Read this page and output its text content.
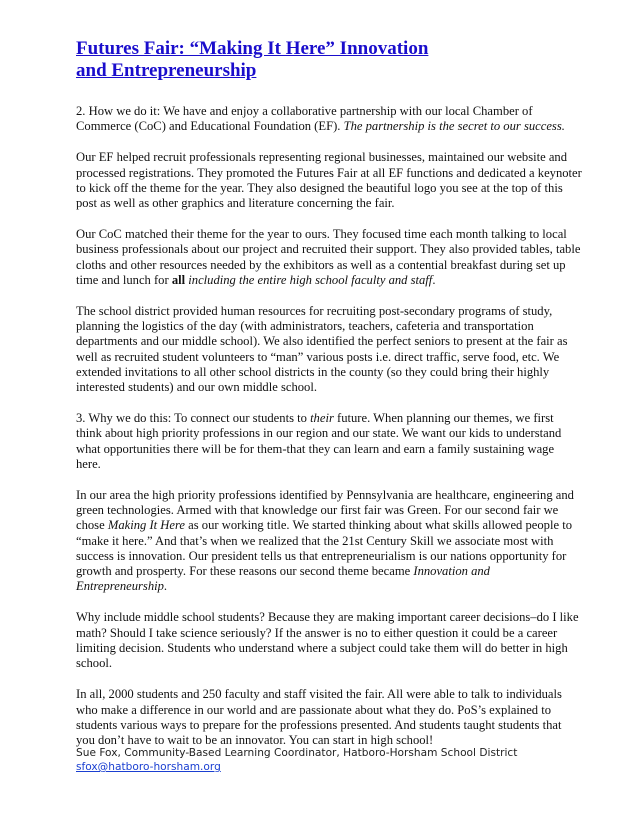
Futures Fair: “Making It Here” Innovation
and Entrepreneurship

2. How we do it: We have and enjoy a collaborative partnership with our local Chamber of Commerce (CoC) and Educational Foundation (EF). The partnership is the secret to our success.

Our EF helped recruit professionals representing regional businesses, maintained our website and processed registrations. They promoted the Futures Fair at all EF functions and dedicated a keynoter to kick off the theme for the year. They also designed the beautiful logo you see at the top of this post as well as other graphics and literature concerning the fair.

Our CoC matched their theme for the year to ours. They focused time each month talking to local business professionals about our project and recruited their support. They also provided tables, table cloths and other resources needed by the exhibitors as well as a contential breakfast during set up time and lunch for all including the entire high school faculty and staff.

The school district provided human resources for recruiting post-secondary programs of study, planning the logistics of the day (with administrators, teachers, cafeteria and transportation departments and our middle school). We also identified the perfect seniors to present at the fair as well as recruited student volunteers to “man” various posts i.e. direct traffic, serve food, etc. We extended invitations to all other school districts in the county (so they could bring their highly interested students) and our own middle school.

3. Why we do this: To connect our students to their future. When planning our themes, we first think about high priority professions in our region and our state. We want our kids to understand what opportunities there will be for them-that they can learn and earn a family sustaining wage here.

In our area the high priority professions identified by Pennsylvania are healthcare, engineering and green technologies. Armed with that knowledge our first fair was Green. For our second fair we chose Making It Here as our working title. We started thinking about what skills allowed people to “make it here.” And that’s when we realized that the 21st Century Skill we associate most with success is innovation. Our president tells us that entrepreneurialism is our nations opportunity for growth and prosperty. For these reasons our second theme became Innovation and Entrepreneurship.

Why include middle school students? Because they are making important career decisions–do I like math? Should I take science seriously? If the answer is no to either question it could be a career limiting decision. Students who understand where a subject could take them will do better in high school.

In all, 2000 students and 250 faculty and staff visited the fair. All were able to talk to individuals who make a difference in our world and are passionate about what they do. PoS’s explained to students various ways to prepare for the professions presented. And students taught students that you don’t have to wait to be an innovator. You can start in high school!

Sue Fox, Community-Based Learning Coordinator, Hatboro-Horsham School District
sfox@hatboro-horsham.org
